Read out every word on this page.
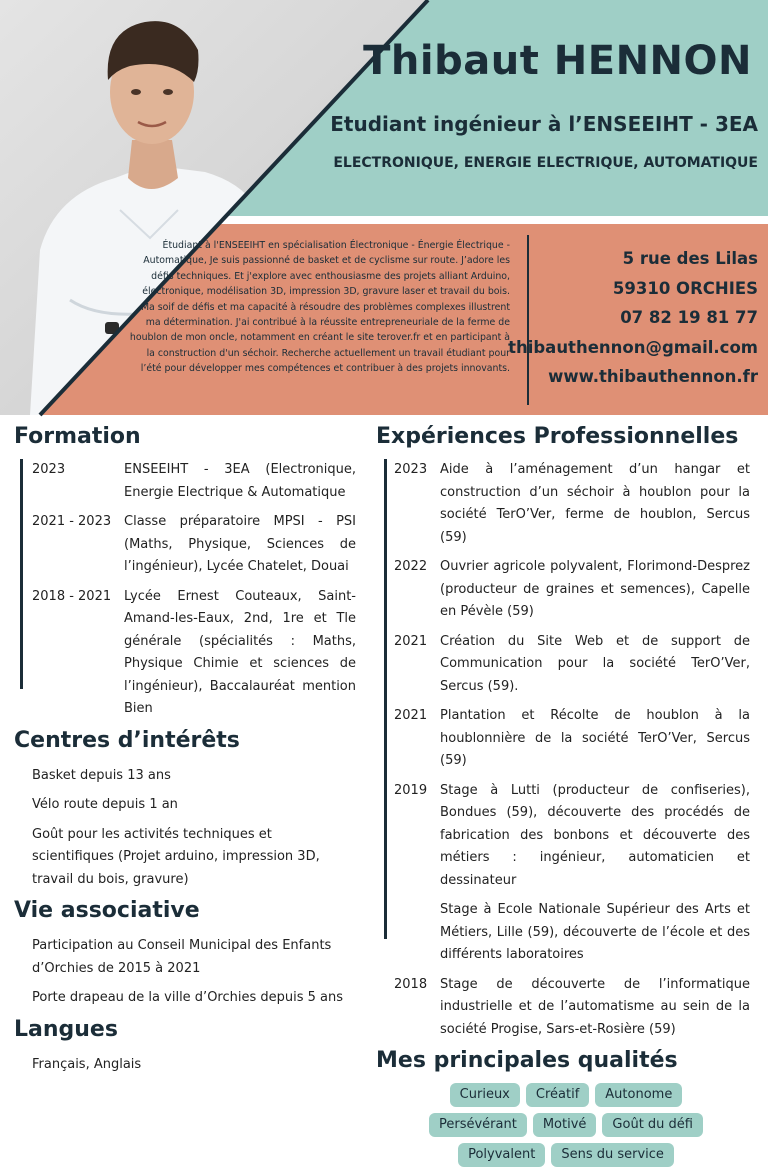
Thibaut HENNON
Etudiant ingénieur à l’ENSEEIHT - 3EA
ELECTRONIQUE, ENERGIE ELECTRIQUE, AUTOMATIQUE
Étudiant à l'ENSEEIHT en spécialisation Électronique - Énergie Électrique - Automatique, Je suis passionné de basket et de cyclisme sur route. J’adore les défis techniques. Et j'explore avec enthousiasme des projets alliant Arduino, électronique, modélisation 3D, impression 3D, gravure laser et travail du bois. Ma soif de défis et ma capacité à résoudre des problèmes complexes illustrent ma détermination. J'ai contribué à la réussite entrepreneuriale de la ferme de houblon de mon oncle, notamment en créant le site terover.fr et en participant à la construction d'un séchoir. Recherche actuellement un travail étudiant pour l’été pour développer mes compétences et contribuer à des projets innovants.
5 rue des Lilas
59310 ORCHIES
07 82 19 81 77
thibauthennon@gmail.com
www.thibauthennon.fr
Formation
2023	ENSEEIHT - 3EA (Electronique, Energie Electrique & Automatique
2021 - 2023 Classe préparatoire MPSI - PSI (Maths, Physique, Sciences de l’ingénieur), Lycée Chatelet, Douai
2018 - 2021 Lycée Ernest Couteaux, Saint-Amand-les-Eaux, 2nd, 1re et Tle générale (spécialités : Maths, Physique Chimie et sciences de l’ingénieur), Baccalauréat mention Bien
Centres d’intérêts
Basket depuis 13 ans
Vélo route depuis 1 an
Goût pour les activités techniques et scientifiques (Projet arduino, impression 3D, travail du bois, gravure)
Vie associative
Participation au Conseil Municipal des Enfants d’Orchies de 2015 à 2021
Porte drapeau de la ville d’Orchies depuis 5 ans
Langues
Français, Anglais
Expériences Professionnelles
2023 Aide à l’aménagement d’un hangar et construction d’un séchoir à houblon pour la société TerO’Ver, ferme de houblon, Sercus (59)
2022 Ouvrier agricole polyvalent, Florimond-Desprez (producteur de graines et semences), Capelle en Pévèle (59)
2021 Création du Site Web et de support de Communication pour la société TerO’Ver, Sercus (59).
2021 Plantation et Récolte de houblon à la houblonnière de la société TerO’Ver, Sercus (59)
2019 Stage à Lutti (producteur de confiseries), Bondues (59), découverte des procédés de fabrication des bonbons et découverte des métiers : ingénieur, automaticien et dessinateur
Stage à Ecole Nationale Supérieur des Arts et Métiers, Lille (59), découverte de l’école et des différents laboratoires
2018 Stage de découverte de l’informatique industrielle et de l’automatisme au sein de la société Progise, Sars-et-Rosière (59)
Mes principales qualités
Curieux	Créatif	Autonome
Persévérant	Motivé	Goût du défi
Polyvalent	Sens du service
